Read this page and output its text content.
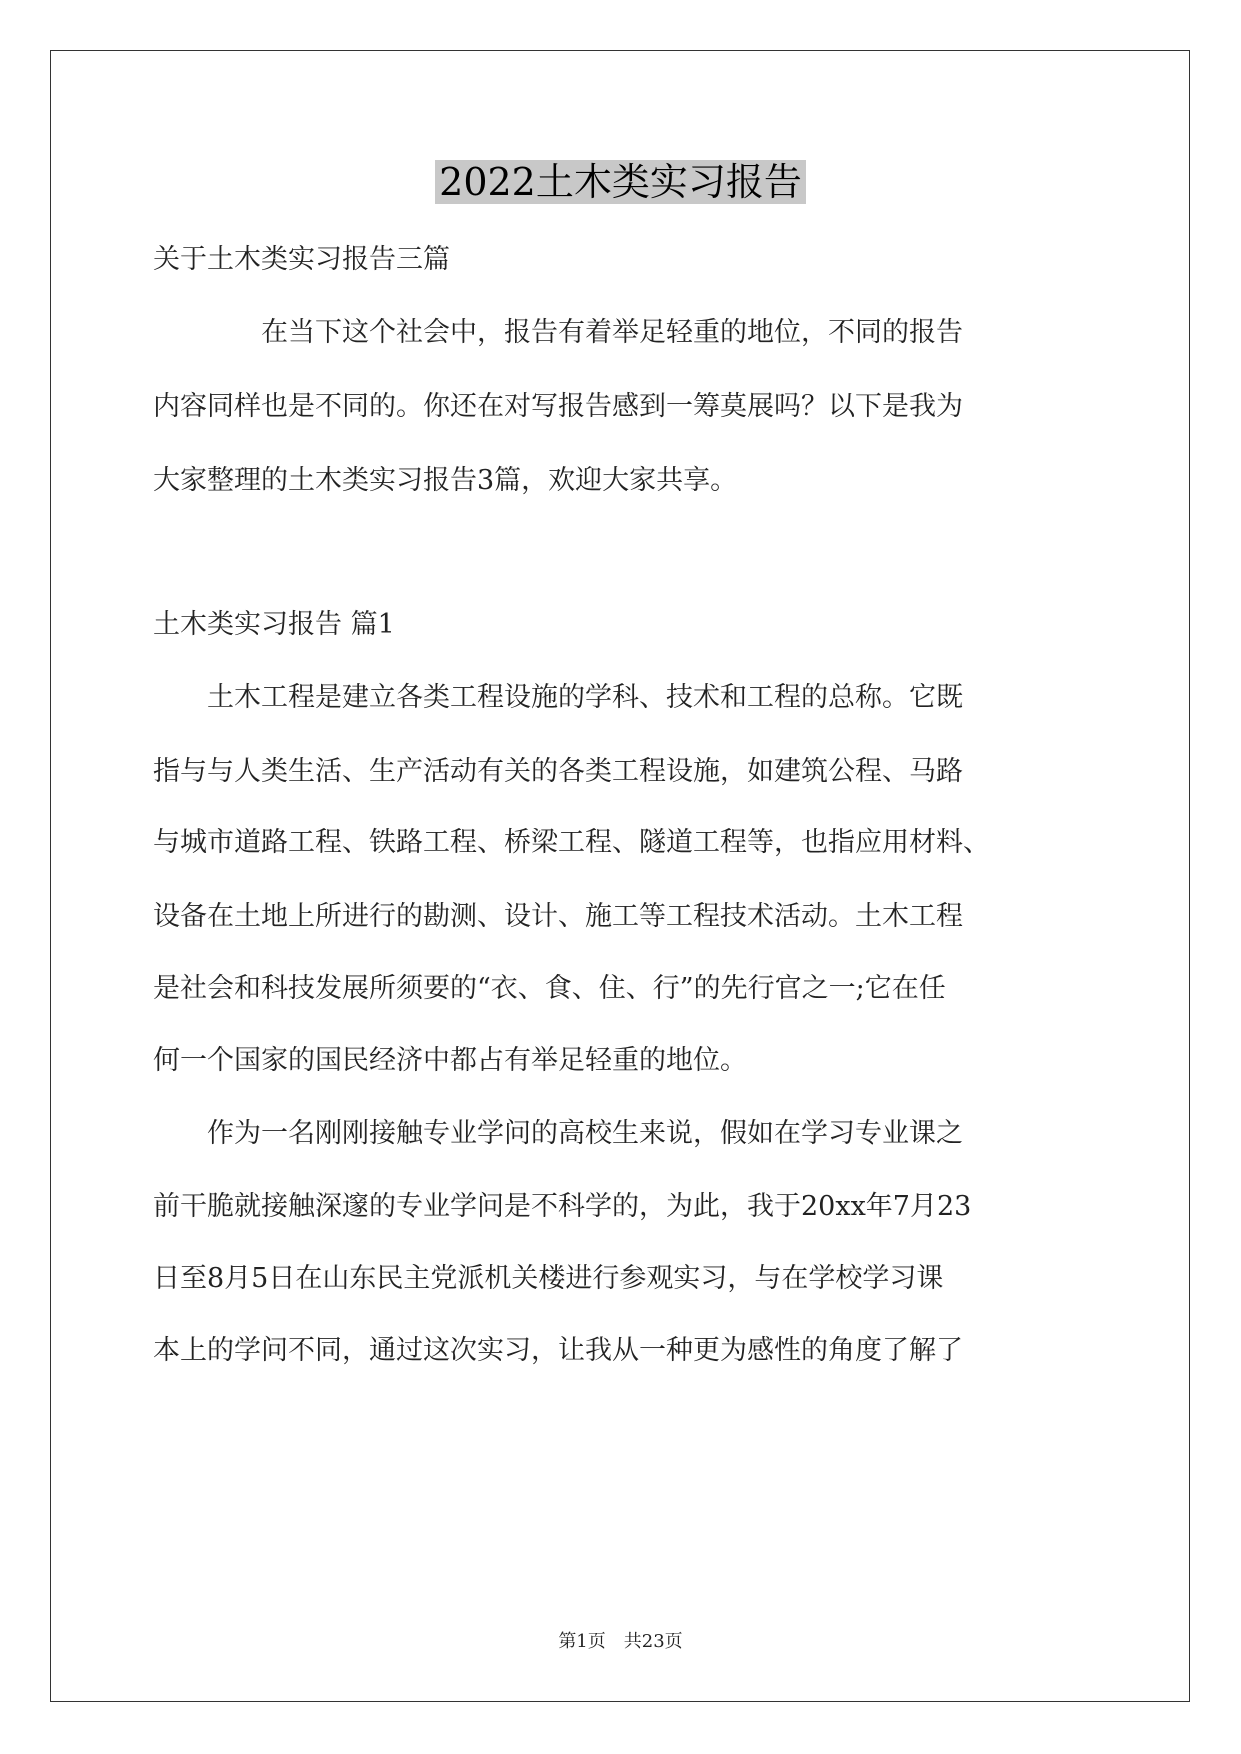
2022土木类实习报告
关于土木类实习报告三篇
　　　　在当下这个社会中，报告有着举足轻重的地位，不同的报告
内容同样也是不同的。你还在对写报告感到一筹莫展吗？以下是我为
大家整理的土木类实习报告3篇，欢迎大家共享。
土木类实习报告 篇1
　　土木工程是建立各类工程设施的学科、技术和工程的总称。它既
指与与人类生活、生产活动有关的各类工程设施，如建筑公程、马路
与城市道路工程、铁路工程、桥梁工程、隧道工程等，也指应用材料、
设备在土地上所进行的勘测、设计、施工等工程技术活动。土木工程
是社会和科技发展所须要的“衣、食、住、行”的先行官之一;它在任
何一个国家的国民经济中都占有举足轻重的地位。
　　作为一名刚刚接触专业学问的高校生来说，假如在学习专业课之
前干脆就接触深邃的专业学问是不科学的，为此，我于20xx年7月23
日至8月5日在山东民主党派机关楼进行参观实习，与在学校学习课
本上的学问不同，通过这次实习，让我从一种更为感性的角度了解了
第1页　共23页
